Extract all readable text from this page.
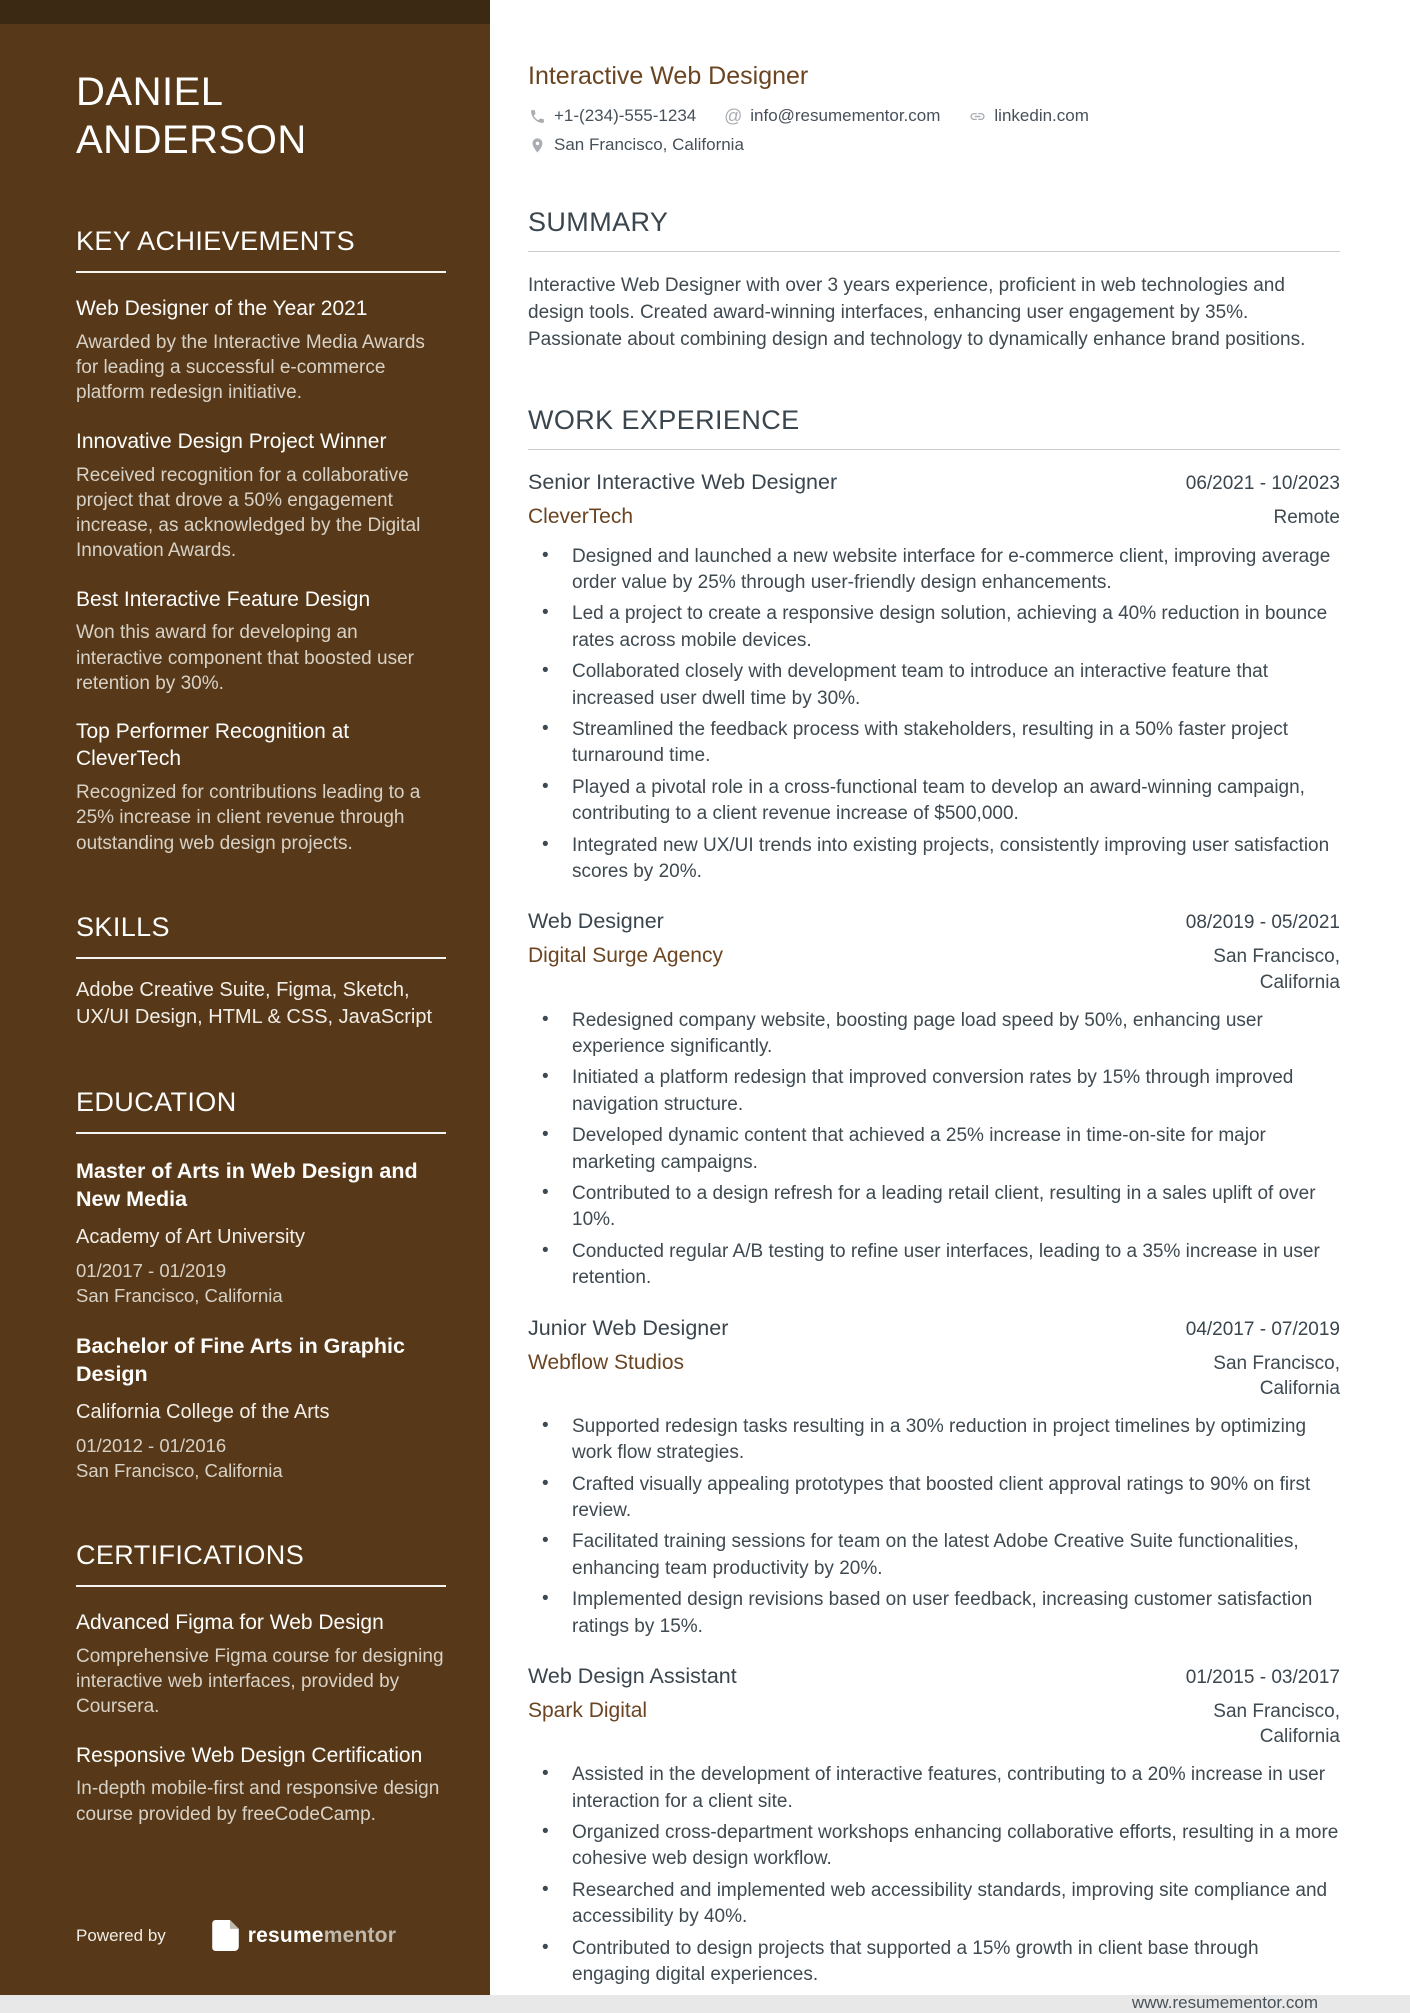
DANIEL ANDERSON
KEY ACHIEVEMENTS
Web Designer of the Year 2021
Awarded by the Interactive Media Awards for leading a successful e-commerce platform redesign initiative.
Innovative Design Project Winner
Received recognition for a collaborative project that drove a 50% engagement increase, as acknowledged by the Digital Innovation Awards.
Best Interactive Feature Design
Won this award for developing an interactive component that boosted user retention by 30%.
Top Performer Recognition at CleverTech
Recognized for contributions leading to a 25% increase in client revenue through outstanding web design projects.
SKILLS
Adobe Creative Suite, Figma, Sketch, UX/UI Design, HTML & CSS, JavaScript
EDUCATION
Master of Arts in Web Design and New Media
Academy of Art University
01/2017 - 01/2019
San Francisco, California
Bachelor of Fine Arts in Graphic Design
California College of the Arts
01/2012 - 01/2016
San Francisco, California
CERTIFICATIONS
Advanced Figma for Web Design
Comprehensive Figma course for designing interactive web interfaces, provided by Coursera.
Responsive Web Design Certification
In-depth mobile-first and responsive design course provided by freeCodeCamp.
Powered by	resumementor
Interactive Web Designer
+1-(234)-555-1234 @ info@resumementor.com	linkedin.com
San Francisco, California
SUMMARY
Interactive Web Designer with over 3 years experience, proficient in web technologies and design tools. Created award-winning interfaces, enhancing user engagement by 35%. Passionate about combining design and technology to dynamically enhance brand positions.
WORK EXPERIENCE
Senior Interactive Web Designer	06/2021 - 10/2023
CleverTech	Remote
• Designed and launched a new website interface for e-commerce client, improving average order value by 25% through user-friendly design enhancements.
• Led a project to create a responsive design solution, achieving a 40% reduction in bounce rates across mobile devices.
• Collaborated closely with development team to introduce an interactive feature that increased user dwell time by 30%.
• Streamlined the feedback process with stakeholders, resulting in a 50% faster project turnaround time.
• Played a pivotal role in a cross-functional team to develop an award-winning campaign, contributing to a client revenue increase of $500,000.
• Integrated new UX/UI trends into existing projects, consistently improving user satisfaction scores by 20%.
Web Designer	08/2019 - 05/2021
Digital Surge Agency	San Francisco, California
• Redesigned company website, boosting page load speed by 50%, enhancing user experience significantly.
• Initiated a platform redesign that improved conversion rates by 15% through improved navigation structure.
• Developed dynamic content that achieved a 25% increase in time-on-site for major marketing campaigns.
• Contributed to a design refresh for a leading retail client, resulting in a sales uplift of over 10%.
• Conducted regular A/B testing to refine user interfaces, leading to a 35% increase in user retention.
Junior Web Designer	04/2017 - 07/2019
Webflow Studios	San Francisco, California
• Supported redesign tasks resulting in a 30% reduction in project timelines by optimizing work flow strategies.
• Crafted visually appealing prototypes that boosted client approval ratings to 90% on first review.
• Facilitated training sessions for team on the latest Adobe Creative Suite functionalities, enhancing team productivity by 20%.
• Implemented design revisions based on user feedback, increasing customer satisfaction ratings by 15%.
Web Design Assistant	01/2015 - 03/2017
Spark Digital	San Francisco, California
• Assisted in the development of interactive features, contributing to a 20% increase in user interaction for a client site.
• Organized cross-department workshops enhancing collaborative efforts, resulting in a more cohesive web design workflow.
• Researched and implemented web accessibility standards, improving site compliance and accessibility by 40%.
• Contributed to design projects that supported a 15% growth in client base through engaging digital experiences.
www.resumementor.com
